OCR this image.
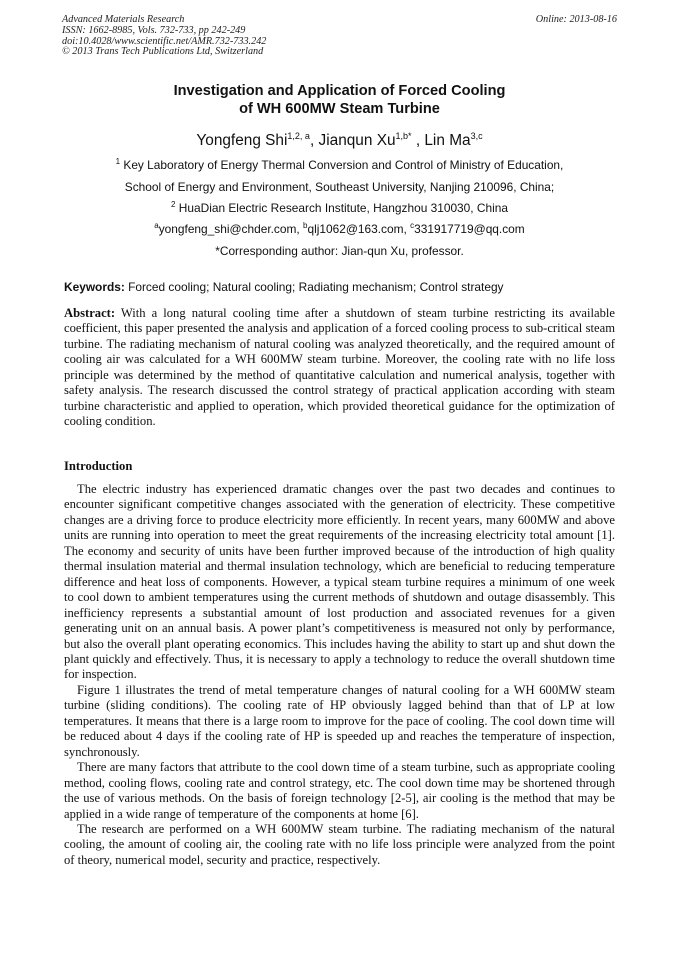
Advanced Materials Research
ISSN: 1662-8985, Vols. 732-733, pp 242-249
doi:10.4028/www.scientific.net/AMR.732-733.242
© 2013 Trans Tech Publications Ltd, Switzerland
Online: 2013-08-16
Investigation and Application of Forced Cooling
of WH 600MW Steam Turbine
Yongfeng Shi$^{1,2, a}$, Jianqun $Xu^{1,b*}$ , Lin Ma$^{3,c}$
$^1$ Key Laboratory of Energy Thermal Conversion and Control of Ministry of Education,
School of Energy and Environment, Southeast University, Nanjing 210096, China;
$^2$ HuaDian Electric Research Institute, Hangzhou 310030, China
$^a$yongfeng_shi@chder.com, $^b$qlj1062@163.com, $^c$331917719@qq.com
*Corresponding author: Jian-qun Xu, professor.
Keywords: Forced cooling; Natural cooling; Radiating mechanism; Control strategy

Abstract: With a long natural cooling time after a shutdown of steam turbine restricting its available coefficient, this paper presented the analysis and application of a forced cooling process to sub-critical steam turbine. The radiating mechanism of natural cooling was analyzed theoretically, and the required amount of cooling air was calculated for a WH 600MW steam turbine. Moreover, the cooling rate with no life loss principle was determined by the method of quantitative calculation and numerical analysis, together with safety analysis. The research discussed the control strategy of practical application according with steam turbine characteristic and applied to operation, which provided theoretical guidance for the optimization of cooling condition.

Introduction

The electric industry has experienced dramatic changes over the past two decades and continues to encounter significant competitive changes associated with the generation of electricity. These competitive changes are a driving force to produce electricity more efficiently. In recent years, many 600MW and above units are running into operation to meet the great requirements of the increasing electricity total amount [1]. The economy and security of units have been further improved because of the introduction of high quality thermal insulation material and thermal insulation technology, which are beneficial to reducing temperature difference and heat loss of components. However, a typical steam turbine requires a minimum of one week to cool down to ambient temperatures using the current methods of shutdown and outage disassembly. This inefficiency represents a substantial amount of lost production and associated revenues for a given generating unit on an annual basis. A power plant’s competitiveness is measured not only by performance, but also the overall plant operating economics. This includes having the ability to start up and shut down the plant quickly and effectively. Thus, it is necessary to apply a technology to reduce the overall shutdown time for inspection.

Figure 1 illustrates the trend of metal temperature changes of natural cooling for a WH 600MW steam turbine (sliding conditions). The cooling rate of HP obviously lagged behind than that of LP at low temperatures. It means that there is a large room to improve for the pace of cooling. The cool down time will be reduced about 4 days if the cooling rate of HP is speeded up and reaches the temperature of inspection, synchronously.

There are many factors that attribute to the cool down time of a steam turbine, such as appropriate cooling method, cooling flows, cooling rate and control strategy, etc. The cool down time may be shortened through the use of various methods. On the basis of foreign technology [2-5], air cooling is the method that may be applied in a wide range of temperature of the components at home [6].

The research are performed on a WH 600MW steam turbine. The radiating mechanism of the natural cooling, the amount of cooling air, the cooling rate with no life loss principle were analyzed from the point of theory, numerical model, security and practice, respectively.
